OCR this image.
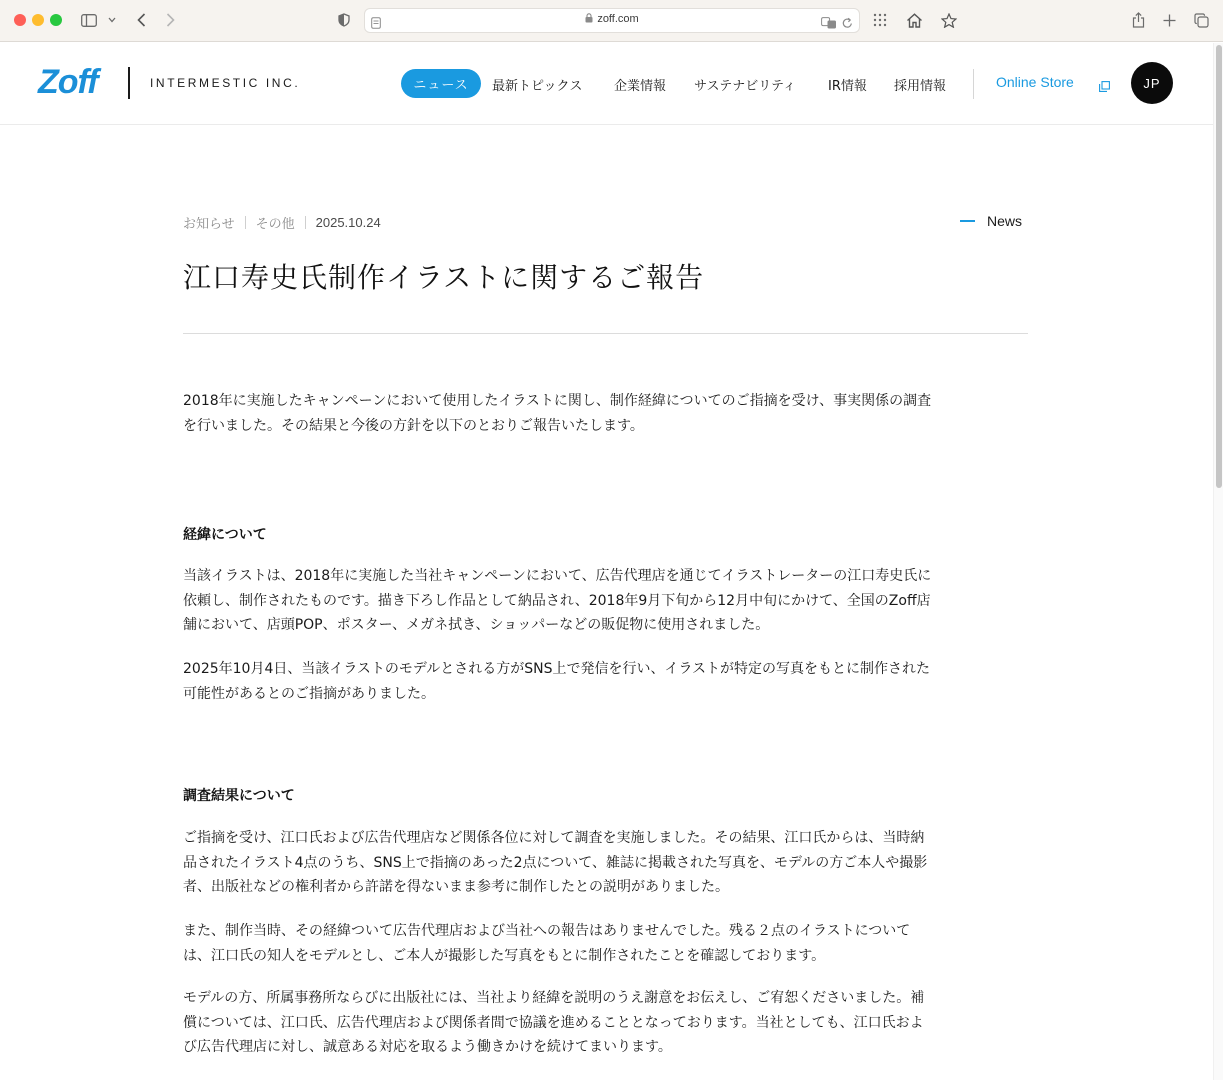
zoff.com
Zoff	INTERMESTIC INC.	ニュース	最新トピックス 企業情報 サステナビリティ IR情報 採用情報	Online Store	JP
お知らせ その他 2025.10.24	News
江口寿史氏制作イラストに関するご報告
2018年に実施したキャンペーンにおいて使用したイラストに関し、制作経緯についてのご指摘を受け、事実関係の調査
を行いました。その結果と今後の方針を以下のとおりご報告いたします。
経緯について
当該イラストは、2018年に実施した当社キャンペーンにおいて、広告代理店を通じてイラストレーターの江口寿史氏に
依頼し、制作されたものです。描き下ろし作品として納品され、2018年9月下旬から12月中旬にかけて、全国のZoff店
舗において、店頭POP、ポスター、メガネ拭き、ショッパーなどの販促物に使用されました。
2025年10月4日、当該イラストのモデルとされる方がSNS上で発信を行い、イラストが特定の写真をもとに制作された
可能性があるとのご指摘がありました。
調査結果について
ご指摘を受け、江口氏および広告代理店など関係各位に対して調査を実施しました。その結果、江口氏からは、当時納
品されたイラスト4点のうち、SNS上で指摘のあった2点について、雑誌に掲載された写真を、モデルの方ご本人や撮影
者、出版社などの権利者から許諾を得ないまま参考に制作したとの説明がありました。
また、制作当時、その経緯ついて広告代理店および当社への報告はありませんでした。残る２点のイラストについて
は、江口氏の知人をモデルとし、ご本人が撮影した写真をもとに制作されたことを確認しております。
モデルの方、所属事務所ならびに出版社には、当社より経緯を説明のうえ謝意をお伝えし、ご宥恕くださいました。補
償については、江口氏、広告代理店および関係者間で協議を進めることとなっております。当社としても、江口氏およ
び広告代理店に対し、誠意ある対応を取るよう働きかけを続けてまいります。
